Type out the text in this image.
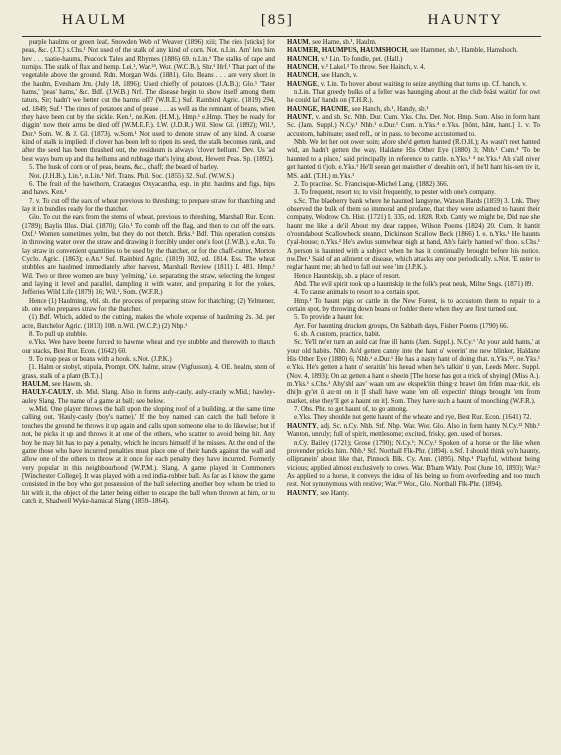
HAULM	[85]	HAUNTY

purple haulms or green leaf, Snowden Web of Weaver (1896) xiii; The ries [sticks] for peas, &c. (J.T.) s.Chs.¹ Not used of the stalk of any kind of corn. Not. n.Lin. Am' lets him hev . . . taatie-haums, Peacock Tales and Rhymes (1886) 69. n.Lin.¹ The stalks of rape and turnips. The stalk of flax and hemp. Lei.¹, War.²³, Wor. (W.C.B.), Shr.¹ Hrf.¹ That part of the vegetable above the ground. Rdn. Morgan Wds. (1881). Glo. Beans . . . are very short in the haulm, Evesham Jrn. (July 18, 1896); Used chiefly of potatoes (J.A.B.); Glo.¹ 'Tater hams,' 'peas' hams,' &c. Bdf. (J.W.B.) Nrf. The disease begin to show itself among them taturs, Sir; hadn't we better cut the harms off? (W.R.E.) Suf. Rainbird Agric. (1819) 294, ed. 1849; Suf.¹ The rines of potatoes and of pease . . . as well as the remnant of beans, when they have been cut by the sickle. Ken.¹, ne.Ken. (H.M.), Hmp.¹ e.Hmp. They be ready for diggin' now their arms be died off (W.M.E.F.). I.W. (J.D.R.) Wil. Slow Gl. (1892); Wil.¹, Dor.¹ Som. W. & J. Gl. (1873). w.Som.¹ Not used to denote straw of any kind. A coarse kind of stalk is implied: if clover has been left to ripen its seed, the stalk becomes rank, and after the seed has been thrashed out, the residuum is always 'clover hellum.' Dev. Us 'ad best ways burn up and tha hellums and rubbage that's lying about, Hewett Peas. Sp. (1892).

5. The husk of corn or of peas, beans, &c., chaff; the beard of barley.

Not. (J.H.B.), Lin.¹, n.Lin.¹ Nrf. Trans. Phil. Soc. (1855) 32. Suf. (W.W.S.)

6. The fruit of the hawthorn, Crataegus Oxyacantha, esp. in phr. haulms and figs, hips and haws. Ken.¹

7. v. To cut off the ears of wheat previous to threshing; to prepare straw for thatching and lay it in bundles ready for the thatcher.

Glo. To cut the ears from the stems of wheat, previous to threshing, Marshall Rur. Econ. (1789); Baylis Illus. Dial. (1870); Glo.¹ To comb off the flag, and then to cut off the ears. Oxf.¹ Women sometimes yelm, but they do not thetch. Brks.¹ Bdf. This operation consists in throwing water over the straw and drawing it forcibly under one's foot (J.W.B.). e.An. To lay straw in convenient quantities to be used by the thatcher, or for the chaff-cutter, Morton Cyclo. Agric. (1863); e.An.¹ Suf. Rainbird Agric. (1819) 302, ed. 1814. Ess. The wheat stubbles are haulmed immediately after harvest, Marshall Review (1811) I. 481. Hmp.¹ Wil. Two or three women are busy 'yelming,' i.e. separating the straw, selecting the longest and laying it level and parallel, dampling it with water, and preparing it for the yokes, Jefferies Wild Life (1879) 16; Wil.¹, Som. (W.F.R.)

Hence (1) Haulming, vbl. sb. the process of preparing straw for thatching; (2) Yelmener, sb. one who prepares straw for the thatcher.

(1) Bdf. Which, added to the cutting, makes the whole expense of haulming 2s. 3d. per acre, Batchelor Agric. (1813) 108. n.Wil. (W.C.P.) (2) Nhp.¹

8. To pull up stubble.

e.Yks. Wee have beene forced to hawme wheat and rye stubble and therewith to thatch our stacks, Best Rur. Econ. (1642) 60.

9. To reap peas or beans with a hook. s.Not. (J.P.K.)

[1. Halm or stobyl, stipula, Prompt. ON. halmr, straw (Vigfusson). 4. OE. healm, stem of grass, stalk of a plant (B.T.).]

HAULM, see Hawm, sb.

HAULY-CAULY, sb. Mid. Slang. Also in forms auly-cauly, auly-crauly w.Mid.; hawley-auley Slang. The name of a game at ball; see below.

w.Mid. One player throws the ball upon the sloping roof of a building, at the same time calling out, 'Hauly-cauly (boy's name).' If the boy named can catch the ball before it touches the ground he throws it up again and calls upon someone else to do likewise; but if not, he picks it up and throws it at one of the others, who scatter to avoid being hit. Any boy he may hit has to pay a penalty, which he incurs himself if he misses. At the end of the game those who have incurred penalties must place one of their hands against the wall and allow one of the others to throw at it once for each penalty they have incurred. Formerly very popular in this neighbourhood (W.P.M.). Slang. A game played in Commoners [Winchester College]. It was played with a red india-rubber ball. As far as I know the game consisted in the boy who got possession of the ball selecting another boy whom he tried to hit with it, the object of the latter being either to escape the ball when thrown at him, or to catch it, Shadwell Wyke-hamical Slang (1859–1864).

HAUM, see Hame, sb.¹, Haulm.

HAUMER, HAUMPUS, HAUMSHOCH, see Hammer, sb.¹, Hamble, Hamshoch.

HAUNCH, v.¹ Lin. To fondle, pet. (Hall.)

HAUNCH, v.² Lakel.² To throw. See Hainch, v. 4.

HAUNCH, see Hanch, v.

HAUNGE, v. Lin. To hover about waiting to seize anything that turns up. Cf. hanch, v.

n.Lin. That greedy bulks of a feller was haunging about at the club feäst waitin' for owt he could lai' hands on (T.H.R.).

HAUNGE, HAUNIE, see Hanch, sb.¹, Handy, sb.¹

HAUNT, v. and sb. Sc. Nhb. Dur. Cum. Yks. Chs. Der. Not. Hmp. Som. Also in form hant Sc. (Jam. Suppl.) N.Cy.¹ Nhb.¹ e.Dur.¹ Cum. n.Yks.⁴ e.Yks. [hōnt, hānt, hant.] 1. v. To accustom, habituate; used refl., or in pass. to become accustomed to.

Nhb. We let her oot ower soin; afore she'd getten hanted (R.O.H.); As wasn't reet hanted wid, an hadn't getten the way, Haldane His Other Eye (1880) 3; Nhb.¹ Cum.⁴ 'To be haunted to a place,' said principally in reference to cattle. n.Yks.¹ ⁴ ne.Yks.¹ Ah s'all niver get hanted ti t'job. e.Yks.¹ He'll seean get maisther o' deeahin on't, if he'll hant his-sen tiv it, MS. add. (T.H.) m.Yks.¹

2. To practise. Sc. Francisque-Michel Lang. (1882) 366.

3. To frequent, resort to; to visit frequently, to pester with one's company.

s.Sc. The blaeberry bank where he haunted langsyne, Watson Bards (1859) 3. Lnk. They observed the bulk of them so immoral and profane, that they were ashamed to haunt their company, Wodrow Ch. Hist. (1721) I. 335, ed. 1828. Rxb. Canty we might be, Did nae she haunt me like a de'il About my dear rappee, Wilson Poems (1824) 20. Cum. It hantit o'roundabout Scallowbeck steann, Dickinson Scallow Beck (1866) I. e. n.Yks.¹ He haunts t'yal-house; n.Yks.² He's awlus sumwhear nigh at hand, Ah's fairly hanted wi' thoo. s.Chs.¹ A person is haunted with a subject when he has it continually brought before his notice. nw.Der.¹ Said of an ailment or disease, which attacks any one periodically. s.Not. 'E uster to reglar haunt me; ah hed to fall out wee 'im (J.P.K.).

Hence Hauntskip, sb. a place of resort.

Abd. The evil spirit took up a hauntskip in the folk's peat neuk, Milne Sngs. (1871) 89.

4. To cause animals to resort to a certain spot.

Hmp.¹ To haunt pigs or cattle in the New Forest, is to accustom them to repair to a certain spot, by throwing down beans or fodder there when they are first turned out.

5. To provide a haunt for.

Ayr. For haunting drucken groups, On Sabbath days, Fisher Poems (1790) 66.

6. sb. A custom, practice, habit.

Sc. Ye'll ne'er turn an auld cat frae ill hants (Jam. Suppl.). N.Cy.¹ 'At your auld hants,' at your old habits. Nhb. As'd getten canny inte the hant o' weerin' me new blinker, Haldane His Other Eye (1880) 6; Nhb.¹ e.Dur.¹ He has a nasty hant of doing that. n.Yks.¹², ne.Yks.¹ e.Yks. He's getten a hant o' seraitin' his heead when he's talkin' ti yan, Leeds Merc. Suppl. (Nov. 4, 1893); On az getten a hant o sheein [The horse has got a trick of shying] (Miss A.). m.Yks.¹ s.Chs.¹ Ahy'shl aav' waan um aw ekspek'tin thing·z brawt ûm frûm maa·rkit, els dhi]n gy'et û au·nt on it [I shall have wane 'em oll expectin' things brought 'em from market, else they'll get a haunt on it]. Som. They have such a haunt of mooching (W.F.R.).

7. Obs. Phr. to get haunt of, to go among.

e.Yks. They shoulde not gette haunt of the wheate and rye, Best Rur. Econ. (1641) 72.

HAUNTY, adj. Sc. n.Cy. Nhb. Stf. Nhp. War. Wor. Glo. Also in form hanty N.Cy.¹² Nhb.¹ Wanton, unruly; full of spirit, mettlesome; excited, frisky, gen. used of horses.

n.Cy. Bailey (1721); Grose (1790); N.Cy.¹; N.Cy.² Spoken of a horse or the like when provender pricks him. Nhb.¹ Stf. Northall Flk-Phr. (1894). s.Stf. I should think yo'n haunty, ollipranein' about like that, Pinnock Blk. Cy. Ann. (1895). Nhp.¹ Playful, without being vicious; applied almost exclusively to cows. War. B'ham Wkly. Post (June 10, 1893); War.² As applied to a horse, it conveys the idea of his being so from overfeeding and too much rest. Not synonymous with restive; War.³³ Wor., Glo. Northall Flk-Phr. (1894).

HAUNTY, see Hanty.
